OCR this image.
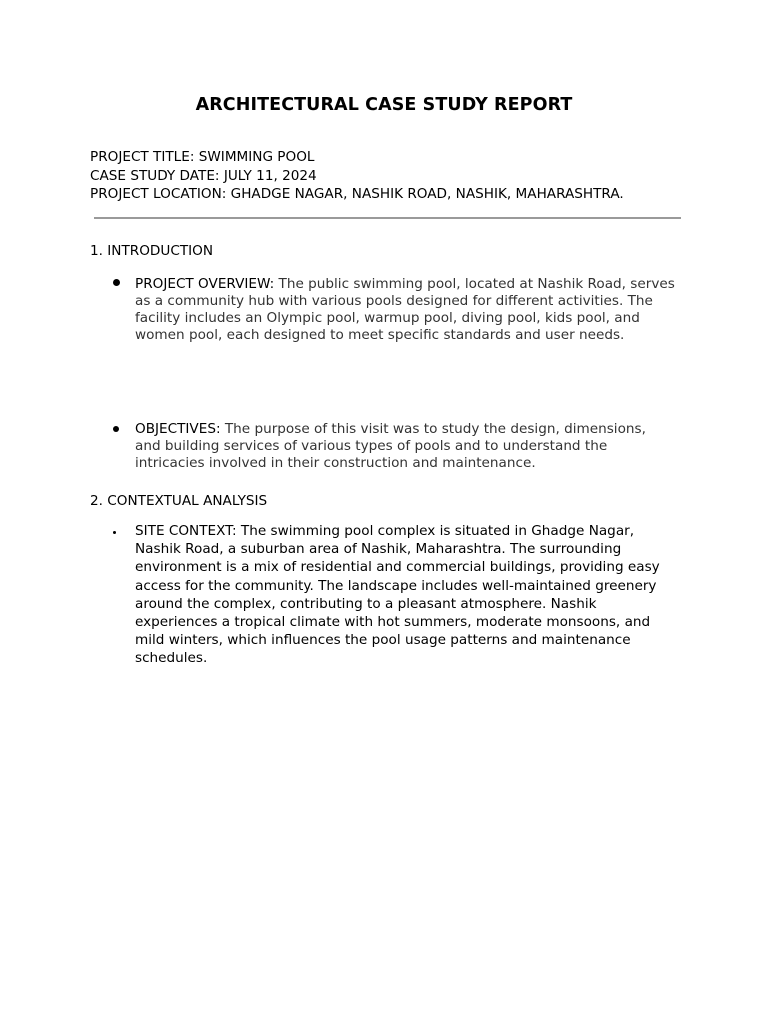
ARCHITECTURAL CASE STUDY REPORT
PROJECT TITLE: SWIMMING POOL
CASE STUDY DATE: JULY 11, 2024
PROJECT LOCATION: GHADGE NAGAR, NASHIK ROAD, NASHIK, MAHARASHTRA.
1. INTRODUCTION
PROJECT OVERVIEW: The public swimming pool, located at Nashik Road, serves as a community hub with various pools designed for different activities. The facility includes an Olympic pool, warmup pool, diving pool, kids pool, and women pool, each designed to meet specific standards and user needs.
OBJECTIVES: The purpose of this visit was to study the design, dimensions, and building services of various types of pools and to understand the intricacies involved in their construction and maintenance.
2. CONTEXTUAL ANALYSIS
SITE CONTEXT: The swimming pool complex is situated in Ghadge Nagar, Nashik Road, a suburban area of Nashik, Maharashtra. The surrounding environment is a mix of residential and commercial buildings, providing easy access for the community. The landscape includes well-maintained greenery around the complex, contributing to a pleasant atmosphere. Nashik experiences a tropical climate with hot summers, moderate monsoons, and mild winters, which influences the pool usage patterns and maintenance schedules.
